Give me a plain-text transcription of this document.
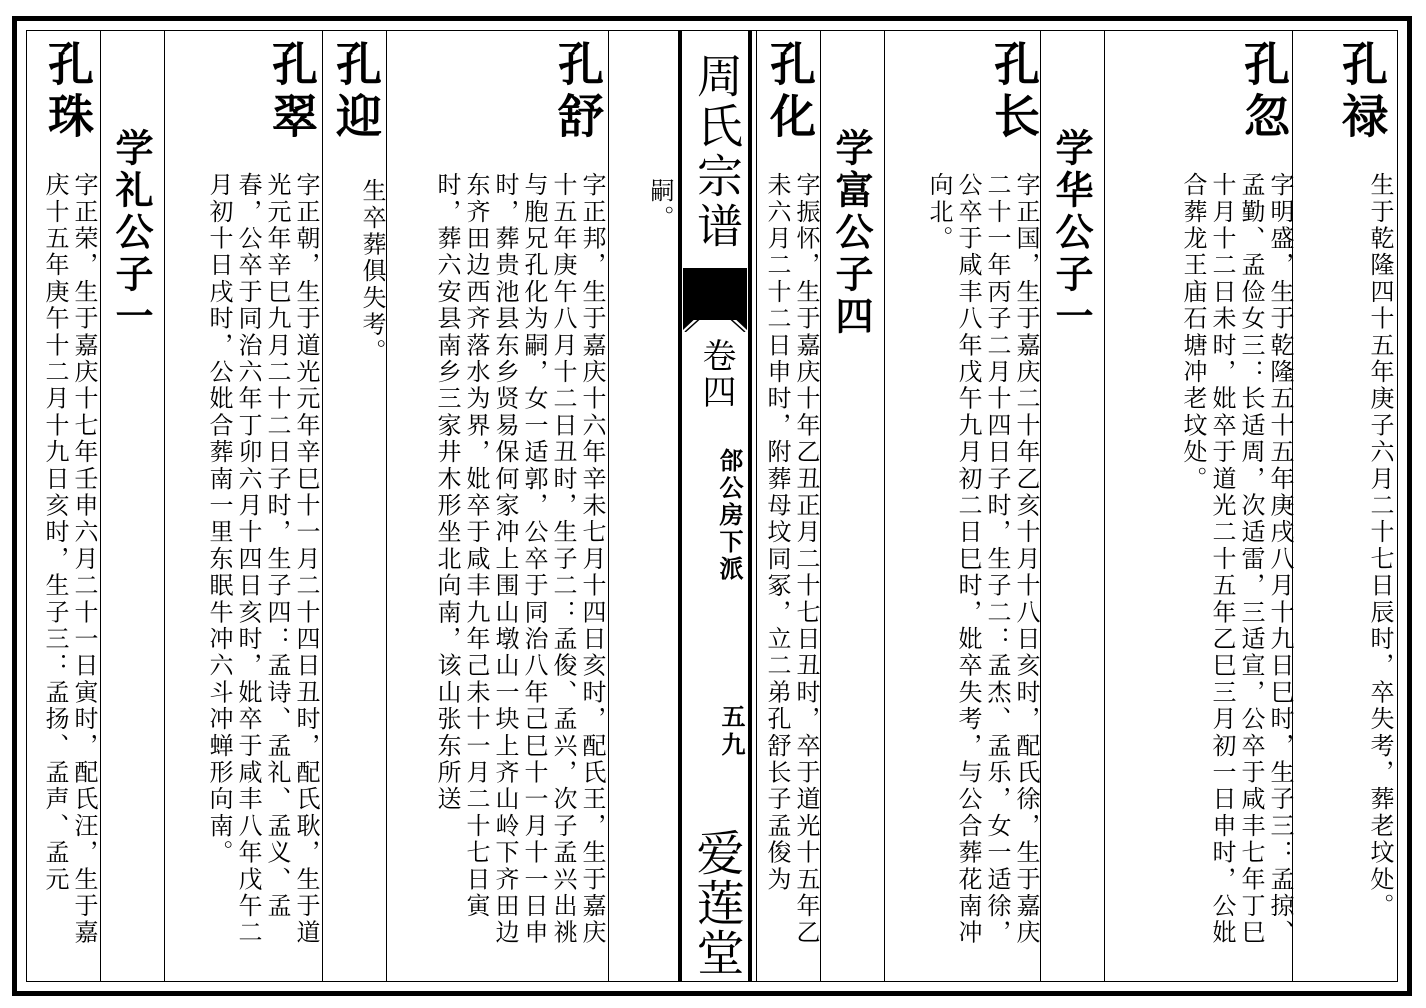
孔禄
生于乾隆四十五年庚子六月二十七日辰时，卒失考，葬老坟处。
孔忽
字明盛，生于乾隆五十五年庚戌八月十九日巳时，生子三：孟掠、孟勤、孟俭女三：长适周，次适雷，三适宣，公卒于咸丰七年丁巳十月十二日未时，妣卒于道光二十五年乙巳三月初一日申时，公妣合葬龙王庙石塘冲老坟处。
学华公子一
孔长
字正国，生于嘉庆二十年乙亥十月十八日亥时，配氏徐，生于嘉庆二十一年丙子二月十四日子时，生子二：孟杰、孟乐，女一适徐，公卒于咸丰八年戊午九月初二日巳时，妣卒失考，与公合葬花南冲向北。
学富公子四
孔化
字振怀，生于嘉庆十年乙丑正月二十七日丑时，卒于道光十五年乙未六月二十二日申时，附葬母坟同冢，立二弟孔舒长子孟俊为
周氏宗谱
卷四
郃公房下派
五九
爱莲堂
嗣。
孔舒
字正邦，生于嘉庆十六年辛未七月十四日亥时，配氏王，生于嘉庆十五年庚午八月十二日丑时，生子二：孟俊、孟兴，次子孟兴出祧与胞兄孔化为嗣，女一适郭，公卒于同治八年己巳十一月十一日申时，葬贵池县东乡贤易保何家冲上围山墩山一块上齐山岭下齐田边东齐田边西齐落水为界，妣卒于咸丰九年己未十一月二十七日寅时，葬六安县南乡三家井木形坐北向南，该山张东所送
孔迎
生卒葬俱失考。
孔翠
字正朝，生于道光元年辛巳十一月二十四日丑时，配氏耿，生于道光元年辛巳九月二十二日子时，生子四：孟诗、孟礼、孟义、孟春，公卒于同治六年丁卯六月十四日亥时，妣卒于咸丰八年戊午二月初十日戌时，公妣合葬南一里东眠牛冲六斗冲蝉形向南。
学礼公子一
孔珠
字正荣，生于嘉庆十七年壬申六月二十一日寅时，配氏汪，生于嘉庆十五年庚午十二月十九日亥时，生子三：孟扬、孟声、孟元
